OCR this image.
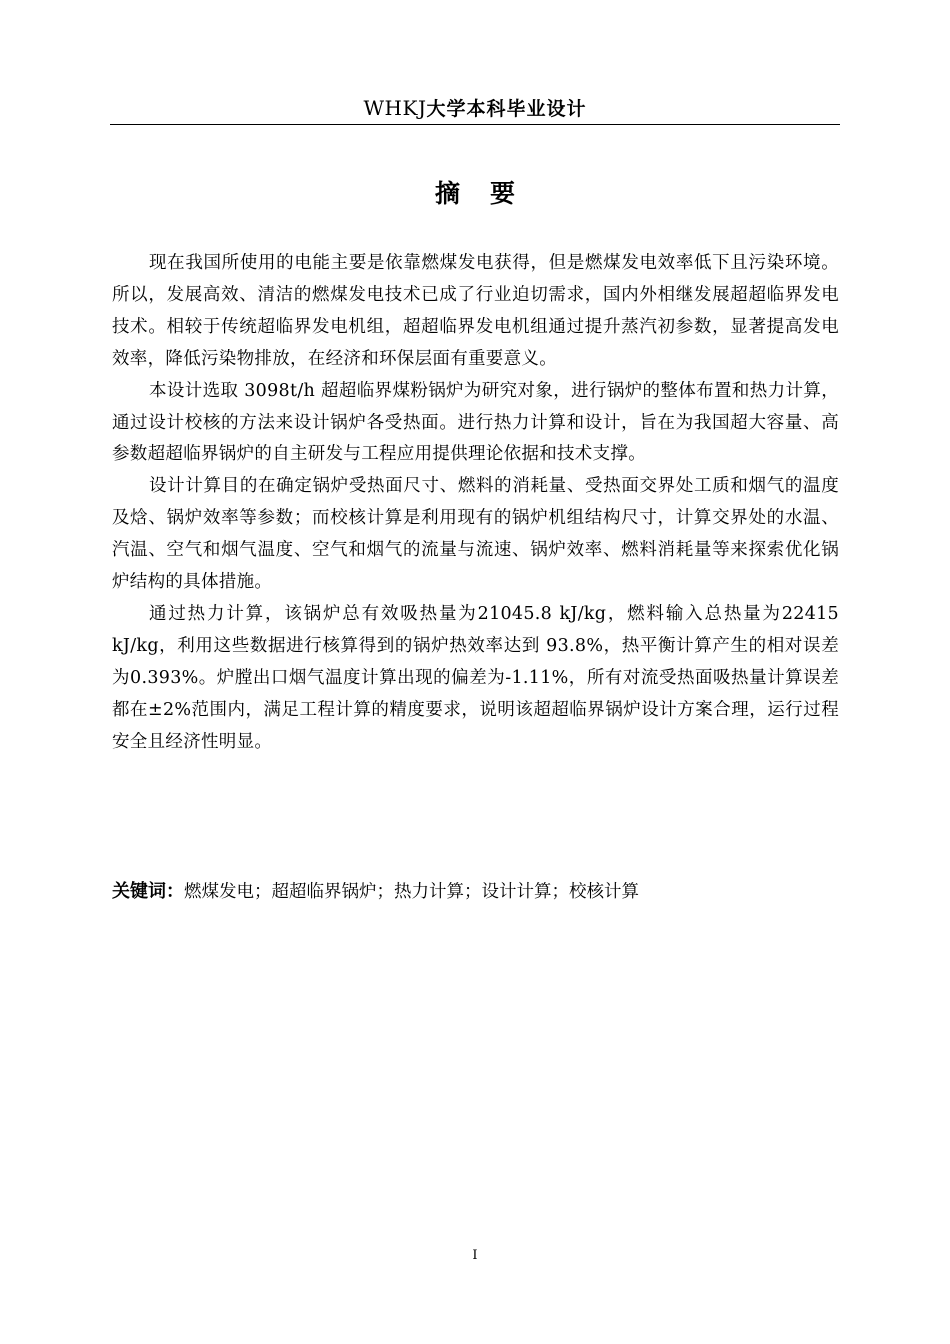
WHKJ大学本科毕业设计
摘要

现在我国所使用的电能主要是依靠燃煤发电获得，但是燃煤发电效率低下且污染环境。所以，发展高效、清洁的燃煤发电技术已成了行业迫切需求，国内外相继发展超超临界发电技术。相较于传统超临界发电机组，超超临界发电机组通过提升蒸汽初参数，显著提高发电效率，降低污染物排放，在经济和环保层面有重要意义。

本设计选取 3098t/h 超超临界煤粉锅炉为研究对象，进行锅炉的整体布置和热力计算，通过设计校核的方法来设计锅炉各受热面。进行热力计算和设计，旨在为我国超大容量、高参数超超临界锅炉的自主研发与工程应用提供理论依据和技术支撑。

设计计算目的在确定锅炉受热面尺寸、燃料的消耗量、受热面交界处工质和烟气的温度及焓、锅炉效率等参数；而校核计算是利用现有的锅炉机组结构尺寸，计算交界处的水温、汽温、空气和烟气温度、空气和烟气的流量与流速、锅炉效率、燃料消耗量等来探索优化锅炉结构的具体措施。

通过热力计算，该锅炉总有效吸热量为21045.8 kJ/kg，燃料输入总热量为22415 kJ/kg，利用这些数据进行核算得到的锅炉热效率达到 93.8%，热平衡计算产生的相对误差为0.393%。炉膛出口烟气温度计算出现的偏差为-1.11%，所有对流受热面吸热量计算误差都在±2%范围内，满足工程计算的精度要求，说明该超超临界锅炉设计方案合理，运行过程安全且经济性明显。

关键词：燃煤发电；超超临界锅炉；热力计算；设计计算；校核计算
I
